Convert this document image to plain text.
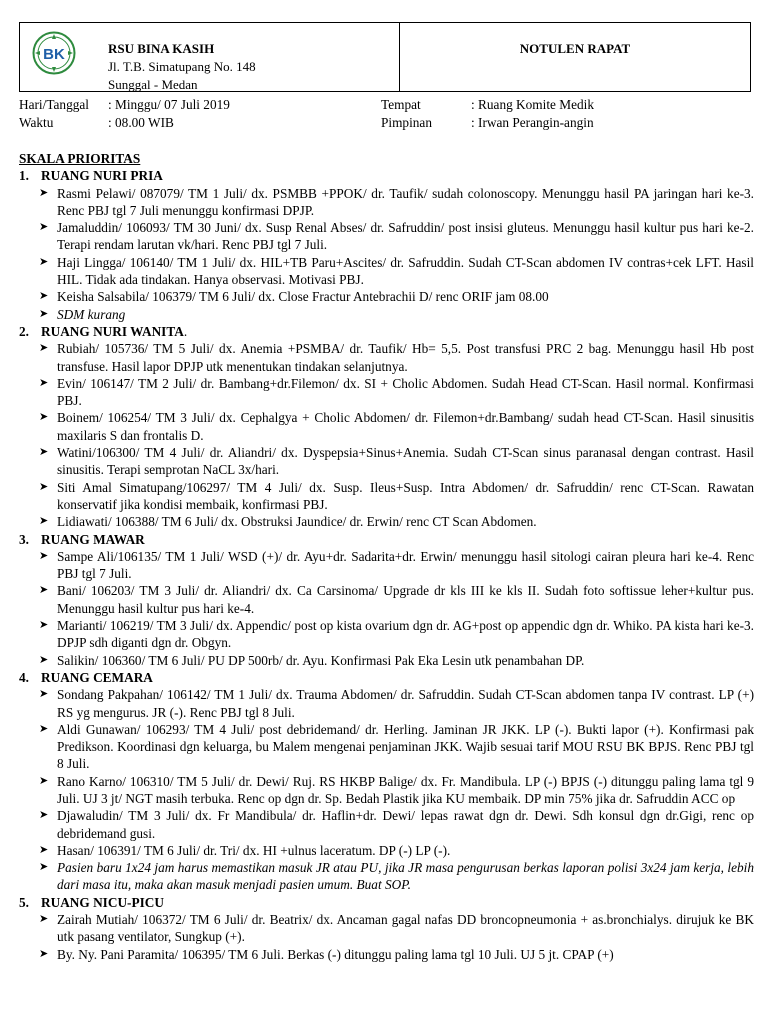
BK	RSU BINA KASIH
Jl. T.B. Simatupang No. 148
Sunggal - Medan
NOTULEN RAPAT
Hari/Tanggal : Minggu/ 07 Juli 2019	Tempat	: Ruang Komite Medik
Waktu	: 08.00 WIB	Pimpinan	: Irwan Perangin-angin
SKALA PRIORITAS
1. RUANG NURI PRIA
➤ Rasmi Pelawi/ 087079/ TM 1 Juli/ dx. PSMBB +PPOK/ dr. Taufik/ sudah colonoscopy. Menunggu hasil PA jaringan hari ke-3. Renc PBJ tgl 7 Juli menunggu konfirmasi DPJP.
➤ Jamaluddin/ 106093/ TM 30 Juni/ dx. Susp Renal Abses/ dr. Safruddin/ post insisi gluteus. Menunggu hasil kultur pus hari ke-2. Terapi rendam larutan vk/hari. Renc PBJ tgl 7 Juli.
➤ Haji Lingga/ 106140/ TM 1 Juli/ dx. HIL+TB Paru+Ascites/ dr. Safruddin. Sudah CT-Scan abdomen IV contras+cek LFT. Hasil HIL. Tidak ada tindakan. Hanya observasi. Motivasi PBJ.
➤ Keisha Salsabila/ 106379/ TM 6 Juli/ dx. Close Fractur Antebrachii D/ renc ORIF jam 08.00
➤ SDM kurang
2. RUANG NURI WANITA.
➤ Rubiah/ 105736/ TM 5 Juli/ dx. Anemia +PSMBA/ dr. Taufik/ Hb= 5,5. Post transfusi PRC 2 bag. Menunggu hasil Hb post transfuse. Hasil lapor DPJP utk menentukan tindakan selanjutnya.
➤ Evin/ 106147/ TM 2 Juli/ dr. Bambang+dr.Filemon/ dx. SI + Cholic Abdomen. Sudah Head CT-Scan. Hasil normal. Konfirmasi PBJ.
➤ Boinem/ 106254/ TM 3 Juli/ dx. Cephalgya + Cholic Abdomen/ dr. Filemon+dr.Bambang/ sudah head CT-Scan. Hasil sinusitis maxilaris S dan frontalis D.
➤ Watini/106300/ TM 4 Juli/ dr. Aliandri/ dx. Dyspepsia+Sinus+Anemia. Sudah CT-Scan sinus paranasal dengan contrast. Hasil sinusitis. Terapi semprotan NaCL 3x/hari.
➤ Siti Amal Simatupang/106297/ TM 4 Juli/ dx. Susp. Ileus+Susp. Intra Abdomen/ dr. Safruddin/ renc CT-Scan. Rawatan konservatif jika kondisi membaik, konfirmasi PBJ.
➤ Lidiawati/ 106388/ TM 6 Juli/ dx. Obstruksi Jaundice/ dr. Erwin/ renc CT Scan Abdomen.
3. RUANG MAWAR
➤ Sampe Ali/106135/ TM 1 Juli/ WSD (+)/ dr. Ayu+dr. Sadarita+dr. Erwin/ menunggu hasil sitologi cairan pleura hari ke-4. Renc PBJ tgl 7 Juli.
➤ Bani/ 106203/ TM 3 Juli/ dr. Aliandri/ dx. Ca Carsinoma/ Upgrade dr kls III ke kls II. Sudah foto softissue leher+kultur pus. Menunggu hasil kultur pus hari ke-4.
➤ Marianti/ 106219/ TM 3 Juli/ dx. Appendic/ post op kista ovarium dgn dr. AG+post op appendic dgn dr. Whiko. PA kista hari ke-3. DPJP sdh diganti dgn dr. Obgyn.
➤ Salikin/ 106360/ TM 6 Juli/ PU DP 500rb/ dr. Ayu. Konfirmasi Pak Eka Lesin utk penambahan DP.
4. RUANG CEMARA
➤ Sondang Pakpahan/ 106142/ TM 1 Juli/ dx. Trauma Abdomen/ dr. Safruddin. Sudah CT-Scan abdomen tanpa IV contrast. LP (+) RS yg mengurus. JR (-). Renc PBJ tgl 8 Juli.
➤ Aldi Gunawan/ 106293/ TM 4 Juli/ post debridemand/ dr. Herling. Jaminan JR JKK. LP (-). Bukti lapor (+). Konfirmasi pak Predikson. Koordinasi dgn keluarga, bu Malem mengenai penjaminan JKK. Wajib sesuai tarif MOU RSU BK BPJS. Renc PBJ tgl 8 Juli.
➤ Rano Karno/ 106310/ TM 5 Juli/ dr. Dewi/ Ruj. RS HKBP Balige/ dx. Fr. Mandibula. LP (-) BPJS (-) ditunggu paling lama tgl 9 Juli. UJ 3 jt/ NGT masih terbuka. Renc op dgn dr. Sp. Bedah Plastik jika KU membaik. DP min 75% jika dr. Safruddin ACC op
➤ Djawaludin/ TM 3 Juli/ dx. Fr Mandibula/ dr. Haflin+dr. Dewi/ lepas rawat dgn dr. Dewi. Sdh konsul dgn dr.Gigi, renc op debridemand gusi.
➤ Hasan/ 106391/ TM 6 Juli/ dr. Tri/ dx. HI +ulnus laceratum. DP (-) LP (-).
➤ Pasien baru 1x24 jam harus memastikan masuk JR atau PU, jika JR masa pengurusan berkas laporan polisi 3x24 jam kerja, lebih dari masa itu, maka akan masuk menjadi pasien umum. Buat SOP.
5. RUANG NICU-PICU
➤ Zairah Mutiah/ 106372/ TM 6 Juli/ dr. Beatrix/ dx. Ancaman gagal nafas DD broncopneumonia + as.bronchialys. dirujuk ke BK utk pasang ventilator, Sungkup (+).
➤ By. Ny. Pani Paramita/ 106395/ TM 6 Juli. Berkas (-) ditunggu paling lama tgl 10 Juli. UJ 5 jt. CPAP (+)
